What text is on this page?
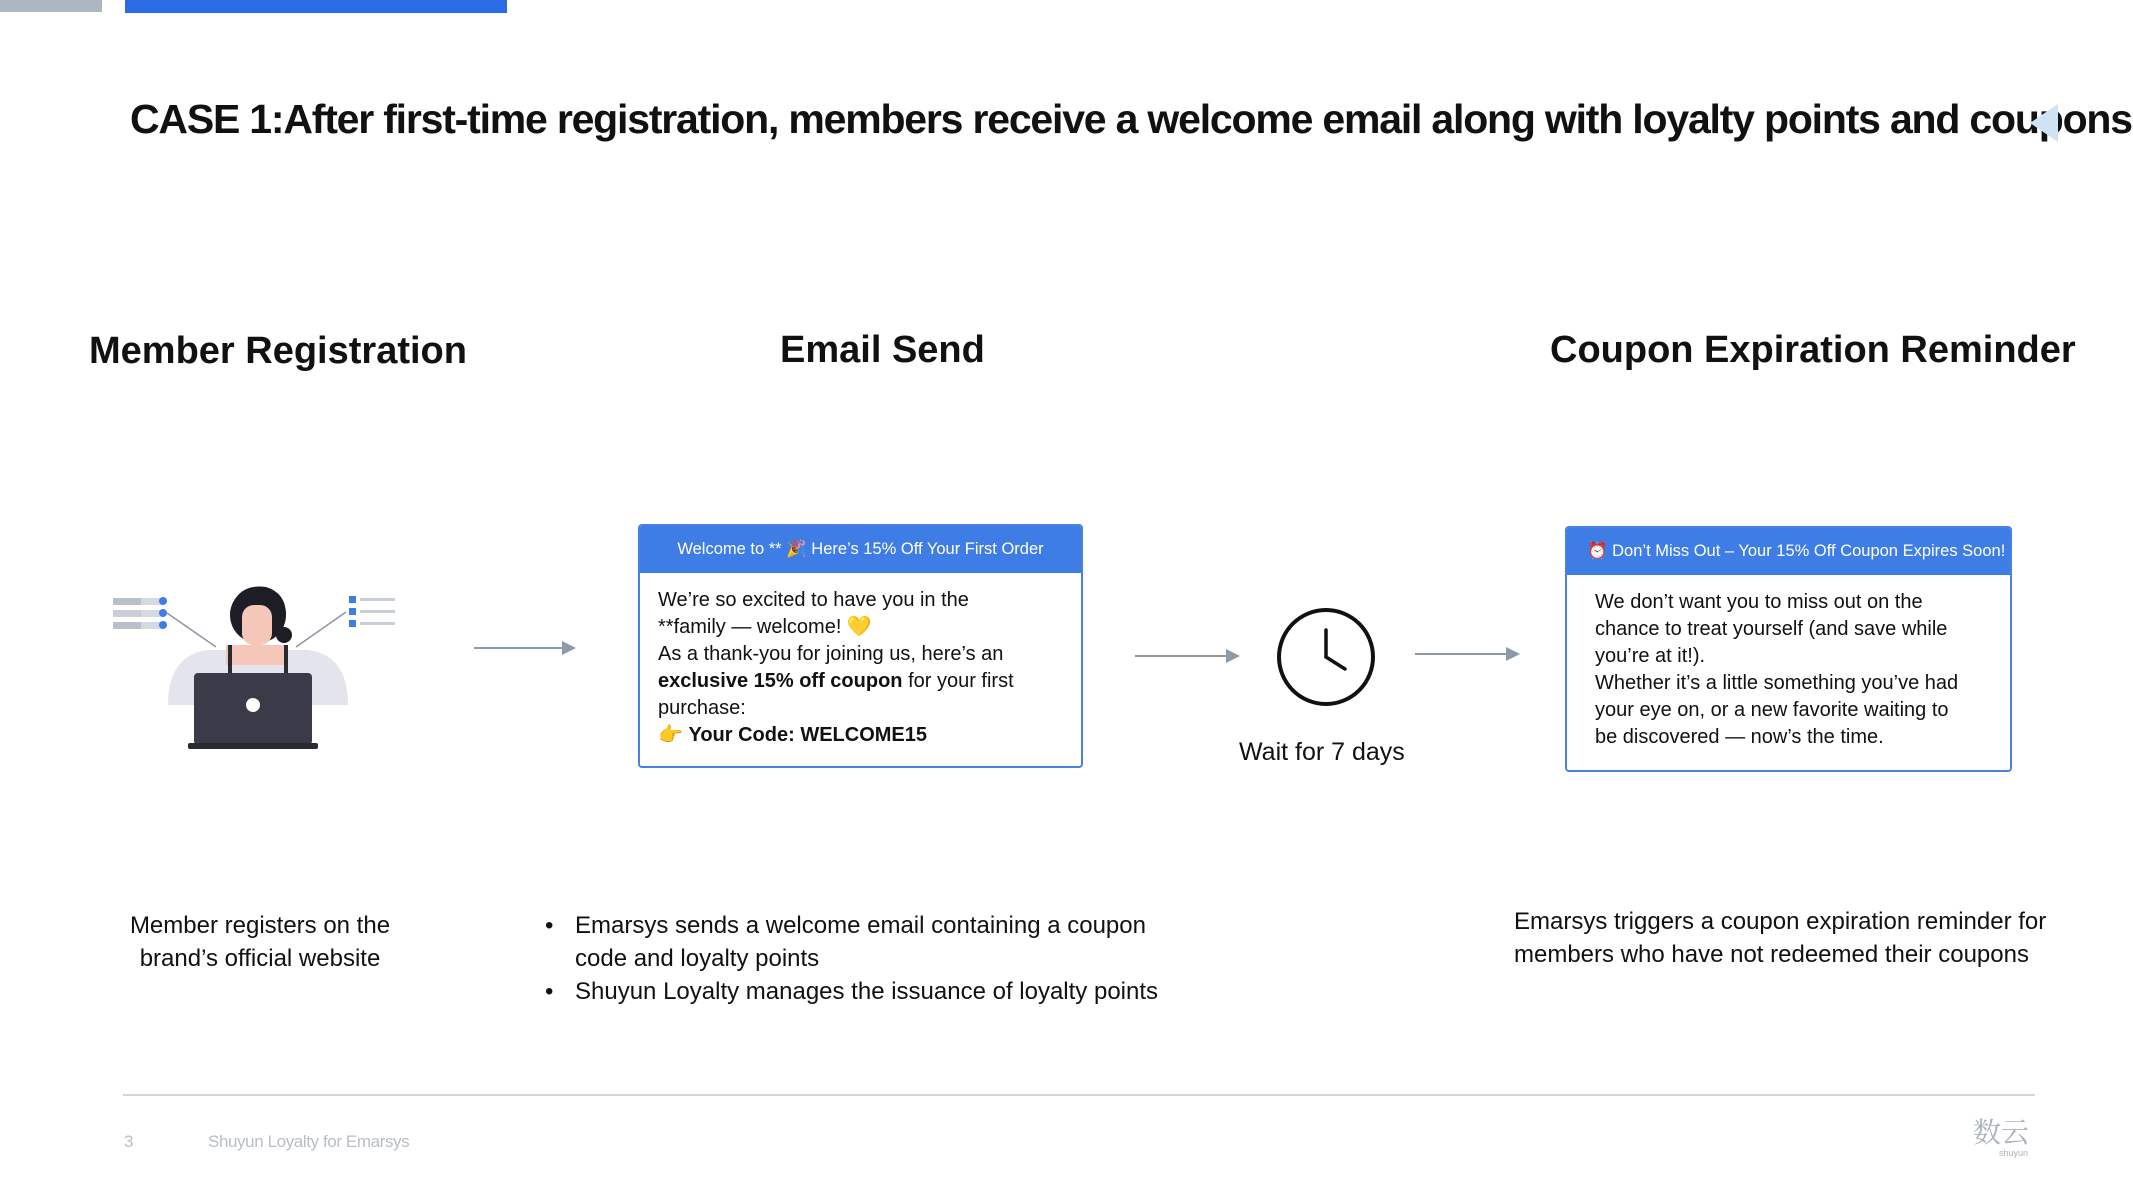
CASE 1:After first-time registration, members receive a welcome email along with loyalty points and coupons
Member Registration	Email Send	Coupon Expiration Reminder
Welcome to ** 🎉 Here’s 15% Off Your First Order

We’re so excited to have you in the

**family — welcome! 💛

As a thank-you for joining us, here’s an

exclusive 15% off coupon for your first

purchase:

👉 Your Code: WELCOME15

Wait for 7 days
⏰ Don’t Miss Out – Your 15% Off Coupon Expires Soon!

We don’t want you to miss out on the

chance to treat yourself (and save while

you’re at it!).

Whether it’s a little something you’ve had

your eye on, or a new favorite waiting to

be discovered — now’s the time.

Member registers on the
brand’s official website
• Emarsys sends a welcome email containing a coupon
code and loyalty points
• Shuyun Loyalty manages the issuance of loyalty points
Emarsys triggers a coupon expiration reminder for
members who have not redeemed their coupons
3	Shuyun Loyalty for Emarsys	数云
shuyun
